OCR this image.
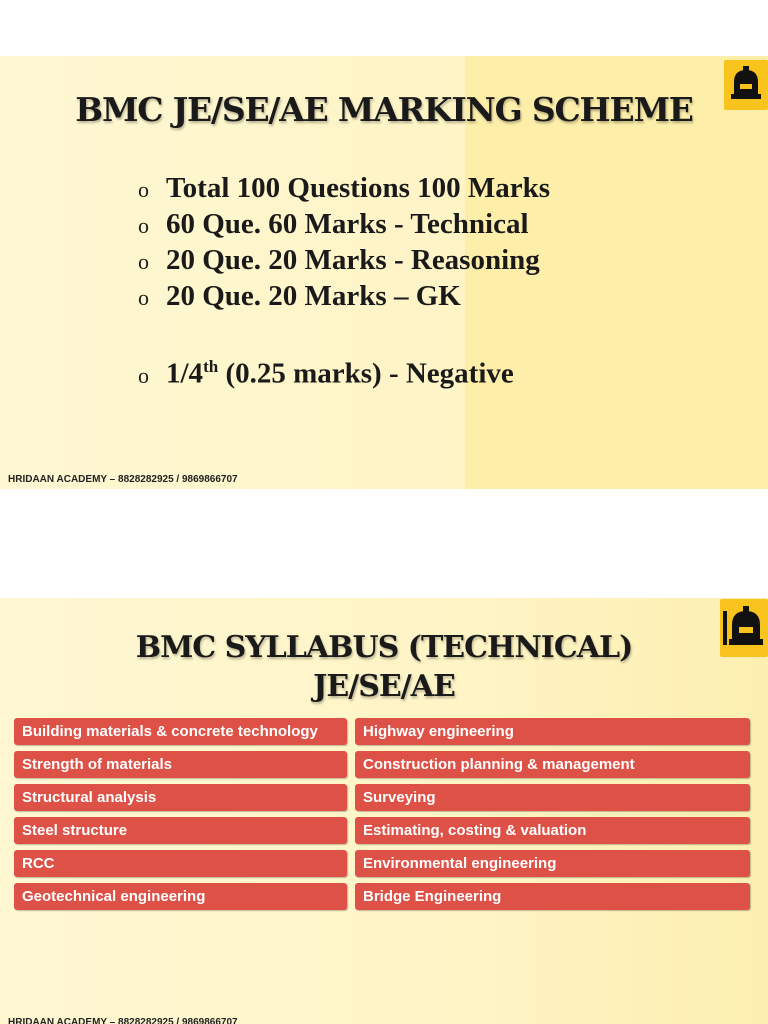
BMC JE/SE/AE MARKING SCHEME
o Total 100 Questions 100 Marks
o 60 Que. 60 Marks - Technical
o 20 Que. 20 Marks - Reasoning
o 20 Que. 20 Marks – GK
o 1/4th (0.25 marks) - Negative
HRIDAAN ACADEMY – 8828282925 / 9869866707
BMC SYLLABUS (TECHNICAL)
JE/SE/AE
Building materials & concrete technology	Highway engineering
Strength of materials	Construction planning & management
Structural analysis	Surveying
Steel structure	Estimating, costing & valuation
RCC	Environmental engineering
Geotechnical engineering	Bridge Engineering
HRIDAAN ACADEMY – 8828282925 / 9869866707
